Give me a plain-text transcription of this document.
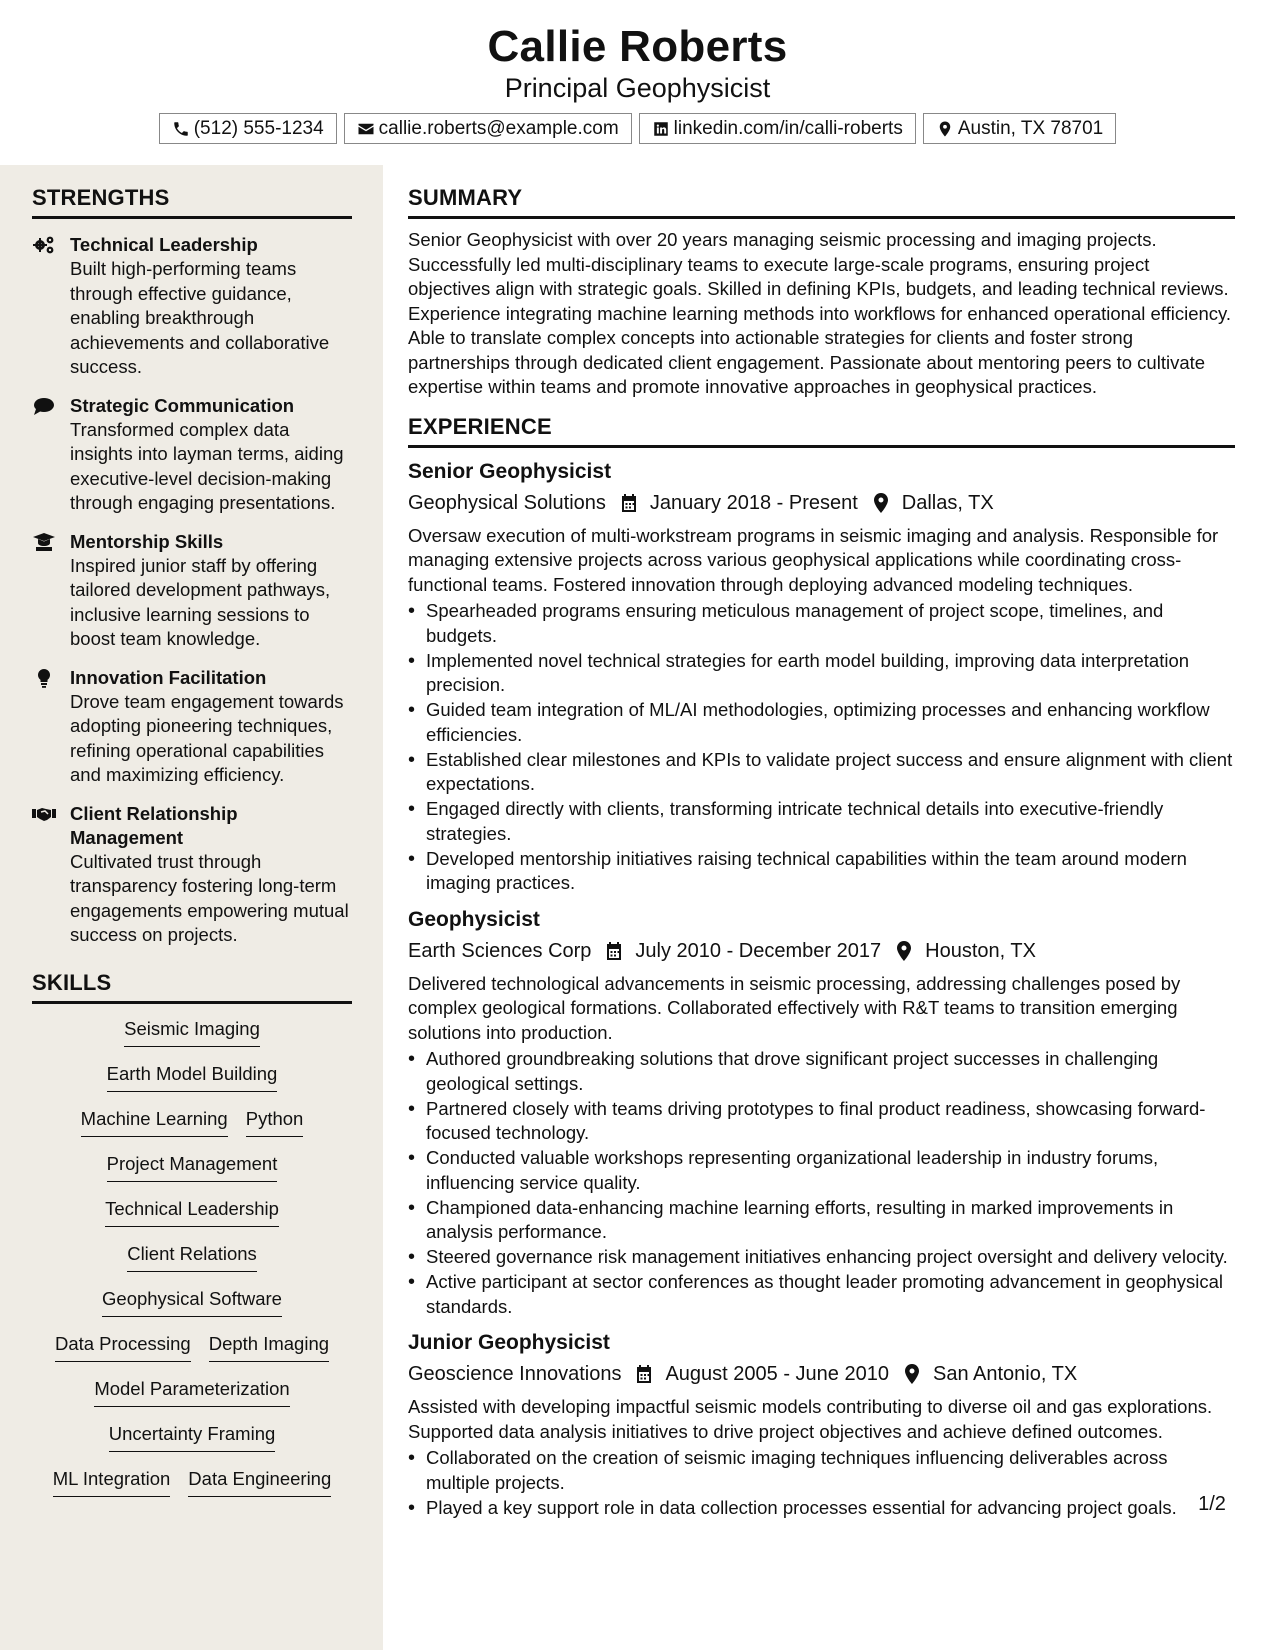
Callie Roberts
Principal Geophysicist
(512) 555-1234	callie.roberts@example.com	linkedin.com/in/calli-roberts	Austin, TX 78701
STRENGTHS
Technical Leadership
Built high-performing teams through effective guidance, enabling breakthrough achievements and collaborative success.
Strategic Communication
Transformed complex data insights into layman terms, aiding executive-level decision-making through engaging presentations.
Mentorship Skills
Inspired junior staff by offering tailored development pathways, inclusive learning sessions to boost team knowledge.
Innovation Facilitation
Drove team engagement towards adopting pioneering techniques, refining operational capabilities and maximizing efficiency.
Client Relationship Management
Cultivated trust through transparency fostering long-term engagements empowering mutual success on projects.
SKILLS
Seismic Imaging
Earth Model Building
Machine Learning Python
Project Management
Technical Leadership
Client Relations
Geophysical Software
Data Processing Depth Imaging
Model Parameterization
Uncertainty Framing
ML Integration Data Engineering
SUMMARY
Senior Geophysicist with over 20 years managing seismic processing and imaging projects. Successfully led multi-disciplinary teams to execute large-scale programs, ensuring project objectives align with strategic goals. Skilled in defining KPIs, budgets, and leading technical reviews. Experience integrating machine learning methods into workflows for enhanced operational efficiency. Able to translate complex concepts into actionable strategies for clients and foster strong partnerships through dedicated client engagement. Passionate about mentoring peers to cultivate expertise within teams and promote innovative approaches in geophysical practices.
EXPERIENCE
Senior Geophysicist
Geophysical Solutions January 2018 - Present Dallas, TX
Oversaw execution of multi-workstream programs in seismic imaging and analysis. Responsible for managing extensive projects across various geophysical applications while coordinating cross-functional teams. Fostered innovation through deploying advanced modeling techniques.
• Spearheaded programs ensuring meticulous management of project scope, timelines, and budgets.
• Implemented novel technical strategies for earth model building, improving data interpretation precision.
• Guided team integration of ML/AI methodologies, optimizing processes and enhancing workflow efficiencies.
• Established clear milestones and KPIs to validate project success and ensure alignment with client expectations.
• Engaged directly with clients, transforming intricate technical details into executive-friendly strategies.
• Developed mentorship initiatives raising technical capabilities within the team around modern imaging practices.
Geophysicist
Earth Sciences Corp July 2010 - December 2017 Houston, TX
Delivered technological advancements in seismic processing, addressing challenges posed by complex geological formations. Collaborated effectively with R&T teams to transition emerging solutions into production.
• Authored groundbreaking solutions that drove significant project successes in challenging geological settings.
• Partnered closely with teams driving prototypes to final product readiness, showcasing forward-focused technology.
• Conducted valuable workshops representing organizational leadership in industry forums, influencing service quality.
• Championed data-enhancing machine learning efforts, resulting in marked improvements in analysis performance.
• Steered governance risk management initiatives enhancing project oversight and delivery velocity.
• Active participant at sector conferences as thought leader promoting advancement in geophysical standards.
Junior Geophysicist
Geoscience Innovations August 2005 - June 2010 San Antonio, TX
Assisted with developing impactful seismic models contributing to diverse oil and gas explorations. Supported data analysis initiatives to drive project objectives and achieve defined outcomes.
• Collaborated on the creation of seismic imaging techniques influencing deliverables across multiple projects.
• Played a key support role in data collection processes essential for advancing project goals.	1/2
